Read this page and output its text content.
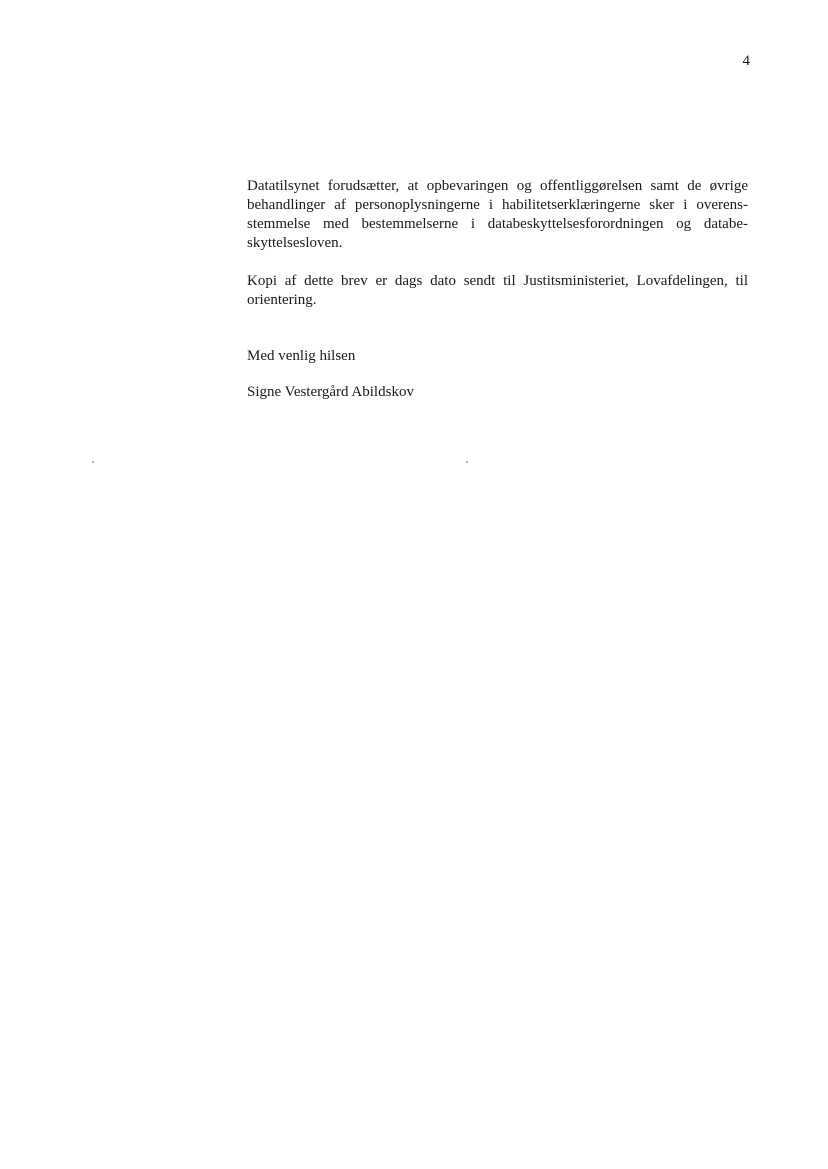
4

Datatilsynet forudsætter, at opbevaringen og offentliggørelsen samt de øvrige behandlinger af personoplysningerne i habilitetserklæringerne sker i overensstemmelse med bestemmelserne i databeskyttelsesforordningen og databeskyttelsesloven.

Kopi af dette brev er dags dato sendt til Justitsministeriet, Lovafdelingen, til orientering.

Med venlig hilsen

Signe Vestergård Abildskov
